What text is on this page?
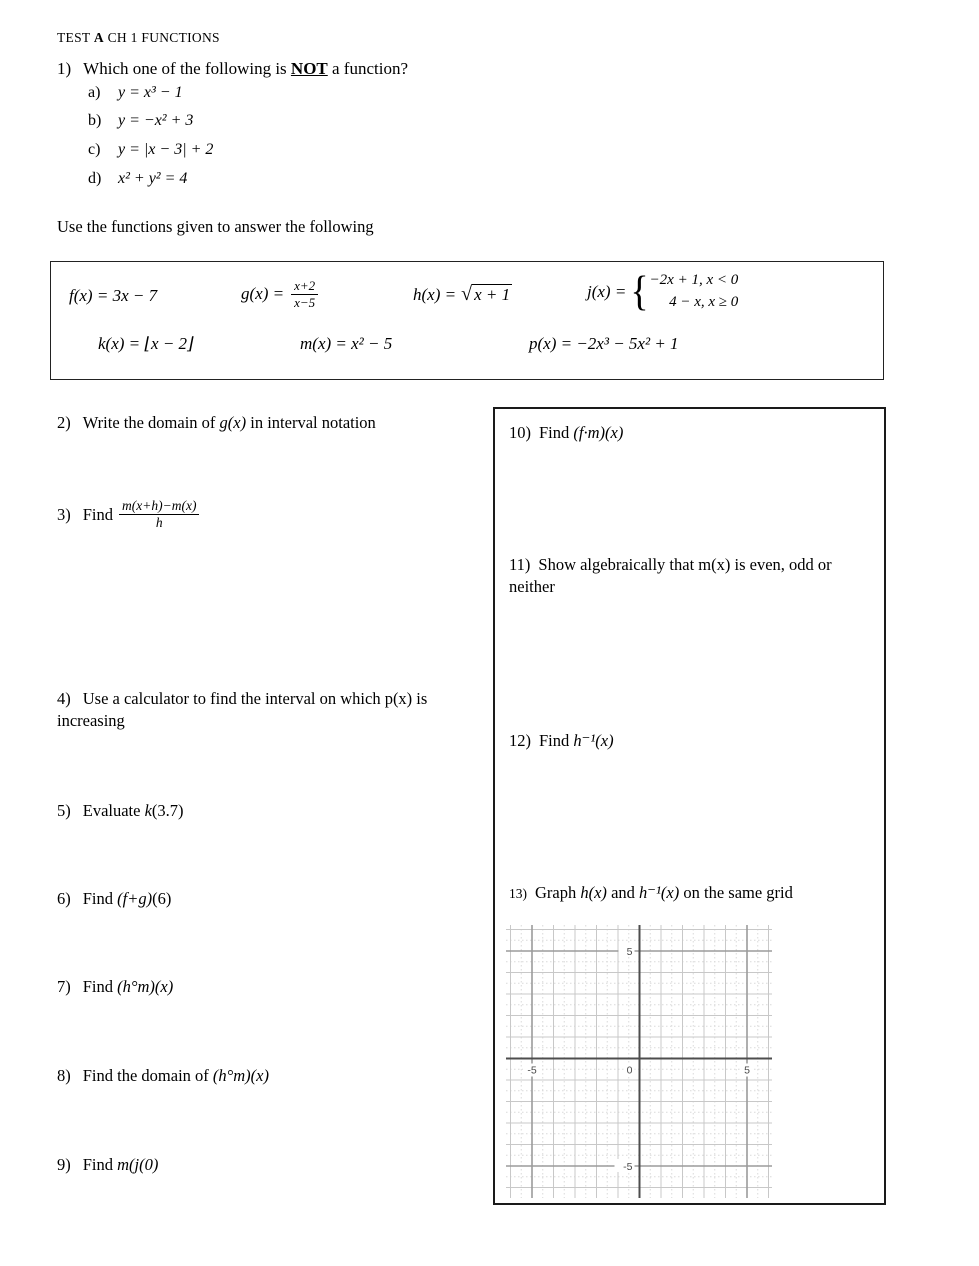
TEST A CH 1 FUNCTIONS
1) Which one of the following is NOT a function?
a) y = x³ − 1
b) y = −x² + 3
c) y = |x − 3| + 2
d) x² + y² = 4
Use the functions given to answer the following
f(x) = 3x − 7	$g(x) = \frac{x+2}{x-5}$	h(x) = √ x + 1	j(x) = { −2x + 1, x < 0
4 − x, x ≥ 0
k(x) = ⌊x − 2⌋	m(x) = x² − 5	p(x) = −2x³ − 5x² + 1
2) Write the domain of g(x) in interval notation
3) Find $\frac{m(x+h)-m(x)}{h}$
4) Use a calculator to find the interval on which p(x) is increasing
5) Evaluate k(3.7)
6) Find (f+g)(6)
7) Find (h°m)(x)
8) Find the domain of (h°m)(x)
9) Find m(j(0)
10) Find (f·m)(x)
11) Show algebraically that m(x) is even, odd or neither
12) Find h⁻¹(x)
13) Graph h(x) and h⁻¹(x) on the same grid
5
-5	0	5
-5
